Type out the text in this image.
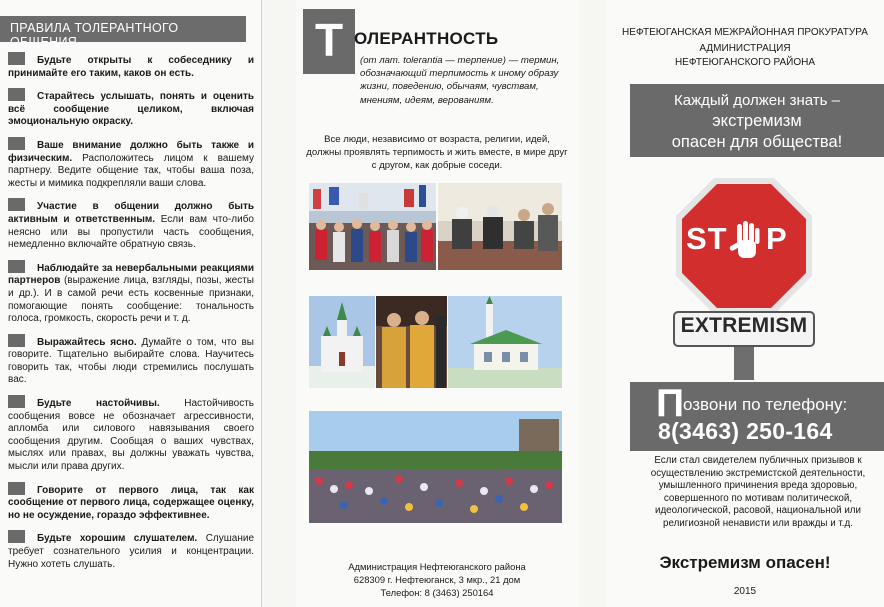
ПРАВИЛА ТОЛЕРАНТНОГО ОБЩЕНИЯ
Будьте открыты к собеседнику и принимайте его таким, каков он есть.
Старайтесь услышать, понять и оценить всё сообщение целиком, включая эмоциональную окраску.
Ваше внимание должно быть также и физическим. Расположитесь лицом к вашему партнеру. Ведите общение так, чтобы ваша поза, жесты и мимика подкрепляли ваши слова.
Участие в общении должно быть активным и ответственным. Если вам что-либо неясно или вы пропустили часть сообщения, немедленно включайте обратную связь.
Наблюдайте за невербальными реакциями партнеров (выражение лица, взгляды, позы, жесты и др.). И в самой речи есть косвенные признаки, помогающие понять сообщение: тональность голоса, громкость, скорость речи и т. д.
Выражайтесь ясно. Думайте о том, что вы говорите. Тщательно выбирайте слова. Научитесь говорить так, чтобы люди стремились послушать вас.
Будьте настойчивы. Настойчивость сообщения вовсе не обозначает агрессивности, апломба или силового навязывания своего сообщения другим. Сообщая о ваших чувствах, мыслях или правах, вы должны уважать чувства, мысли или права других.
Говорите от первого лица, так как сообщение от первого лица, содержащее оценку, но не осуждение, гораздо эффективнее.
Будьте хорошим слушателем. Слушание требует сознательного усилия и концентрации. Нужно хотеть слушать.
Т ОЛЕРАНТНОСТЬ
(от лат. tolerantia — терпение) — термин, обозначающий терпимость к иному образу жизни, поведению, обычаям, чувствам, мнениям, идеям, верованиям.
Все люди, независимо от возраста, религии, идей, должны проявлять терпимость и жить вместе, в мире друг с другом, как добрые соседи.
Администрация Нефтеюганского района
628309 г. Нефтеюганск, 3 мкр., 21 дом
Телефон: 8 (3463) 250164
НЕФТЕЮГАНСКАЯ МЕЖРАЙОННАЯ ПРОКУРАТУРА
АДМИНИСТРАЦИЯ
НЕФТЕЮГАНСКОГО РАЙОНА
Каждый должен знать –
экстремизм
опасен для общества!
ST P
EXTREMISM
П
озвони по телефону:
8(3463) 250-164
Если стал свидетелем публичных призывов к осуществлению экстремистской деятельности, умышленного причинения вреда здоровью, совершенного по мотивам политической, идеологической, расовой, национальной или религиозной ненависти или вражды и т.д.
Экстремизм опасен!
2015
